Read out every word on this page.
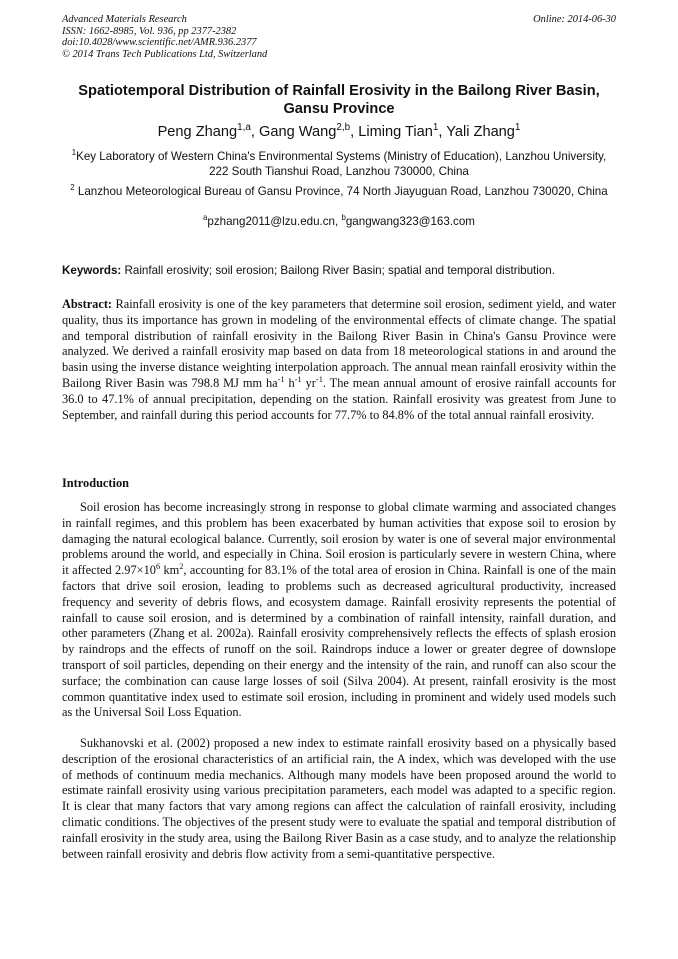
Advanced Materials Research
ISSN: 1662-8985, Vol. 936, pp 2377-2382
doi:10.4028/www.scientific.net/AMR.936.2377
© 2014 Trans Tech Publications Ltd, Switzerland
Online: 2014-06-30
Spatiotemporal Distribution of Rainfall Erosivity in the Bailong River Basin, Gansu Province
Peng Zhang$^{1,a}$, Gang Wang$^{2,b}$, Liming Tian$^1$, Yali Zhang$^1$
$^1$Key Laboratory of Western China's Environmental Systems (Ministry of Education), Lanzhou University, 222 South Tianshui Road, Lanzhou 730000, China
$^2$ Lanzhou Meteorological Bureau of Gansu Province, 74 North Jiayuguan Road, Lanzhou 730020, China
$^a$pzhang2011@lzu.edu.cn, $^b$gangwang323@163.com
Keywords: Rainfall erosivity; soil erosion; Bailong River Basin; spatial and temporal distribution.
Abstract: Rainfall erosivity is one of the key parameters that determine soil erosion, sediment yield, and water quality, thus its importance has grown in modeling of the environmental effects of climate change. The spatial and temporal distribution of rainfall erosivity in the Bailong River Basin in China's Gansu Province were analyzed. We derived a rainfall erosivity map based on data from 18 meteorological stations in and around the basin using the inverse distance weighting interpolation approach. The annual mean rainfall erosivity within the Bailong River Basin was 798.8 MJ mm $ha^{-1}$ $h^{-1}$ $yr^{-1}$. The mean annual amount of erosive rainfall accounts for 36.0 to 47.1% of annual precipitation, depending on the station. Rainfall erosivity was greatest from June to September, and rainfall during this period accounts for 77.7% to 84.8% of the total annual rainfall erosivity.
Introduction
Soil erosion has become increasingly strong in response to global climate warming and associated changes in rainfall regimes, and this problem has been exacerbated by human activities that expose soil to erosion by damaging the natural ecological balance. Currently, soil erosion by water is one of several major environmental problems around the world, and especially in China. Soil erosion is particularly severe in western China, where it affected $2.97\times 10^6$ $km^2$, accounting for 83.1% of the total area of erosion in China. Rainfall is one of the main factors that drive soil erosion, leading to problems such as decreased agricultural productivity, increased frequency and severity of debris flows, and ecosystem damage. Rainfall erosivity represents the potential of rainfall to cause soil erosion, and is determined by a combination of rainfall intensity, rainfall duration, and other parameters (Zhang et al. 2002a). Rainfall erosivity comprehensively reflects the effects of splash erosion by raindrops and the effects of runoff on the soil. Raindrops induce a lower or greater degree of downslope transport of soil particles, depending on their energy and the intensity of the rain, and runoff can also scour the surface; the combination can cause large losses of soil (Silva 2004). At present, rainfall erosivity is the most common quantitative index used to estimate soil erosion, including in prominent and widely used models such as the Universal Soil Loss Equation.
Sukhanovski et al. (2002) proposed a new index to estimate rainfall erosivity based on a physically based description of the erosional characteristics of an artificial rain, the A index, which was developed with the use of methods of continuum media mechanics. Although many models have been proposed around the world to estimate rainfall erosivity using various precipitation parameters, each model was adapted to a specific region. It is clear that many factors that vary among regions can affect the calculation of rainfall erosivity, including climatic conditions. The objectives of the present study were to evaluate the spatial and temporal distribution of rainfall erosivity in the study area, using the Bailong River Basin as a case study, and to analyze the relationship between rainfall erosivity and debris flow activity from a semi-quantitative perspective.
